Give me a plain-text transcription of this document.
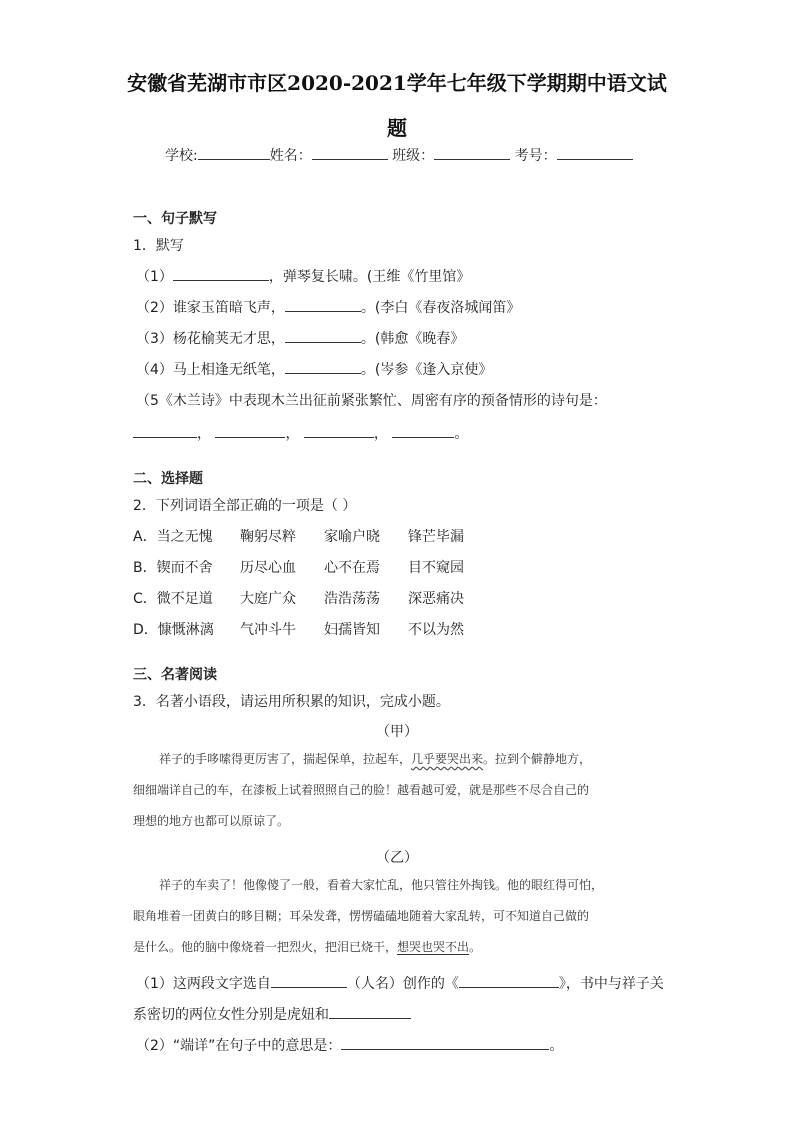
安徽省芜湖市市区2020-2021学年七年级下学期期中语文试
题
学校:	姓名：	班级：	考号：
一、句子默写
1．默写
（1）	，弹琴复长啸。(王维《竹里馆》
（2）谁家玉笛暗飞声，	。(李白《春夜洛城闻笛》
（3）杨花榆荚无才思，	。(韩愈《晚春》
（4）马上相逢无纸笔，	。(岑参《逢入京使》
（5《木兰诗》中表现木兰出征前紧张繁忙、周密有序的预备情形的诗句是：
，	，	，	。
二、选择题
2．下列词语全部正确的一项是（ ）
A．当之无愧 鞠躬尽粹 家喻户晓 锋芒毕漏
B．锲而不舍 历尽心血 心不在焉 目不窥园
C．微不足道 大庭广众 浩浩荡荡 深恶痛决
D．慷慨淋漓 气冲斗牛 妇孺皆知 不以为然
三、名著阅读
3．名著小语段，请运用所积累的知识，完成小题。
（甲）
祥子的手哆嗦得更厉害了，揣起保单，拉起车，几乎要哭出来。拉到个僻静地方，
细细端详自己的车，在漆板上试着照照自己的脸！越看越可爱，就是那些不尽合自己的
理想的地方也都可以原谅了。
（乙）
祥子的车卖了！他像傻了一般，看着大家忙乱，他只管往外掏钱。他的眼红得可怕，
眼角堆着一团黄白的眵目糊；耳朵发聋，愣愣磕磕地随着大家乱转，可不知道自己做的
是什么。他的脑中像烧着一把烈火，把泪已烧干，想哭也哭不出。
（1）这两段文字选自	（人名）创作的《	》，书中与祥子关
系密切的两位女性分别是虎妞和
（2）“端详”在句子中的意思是：	。
